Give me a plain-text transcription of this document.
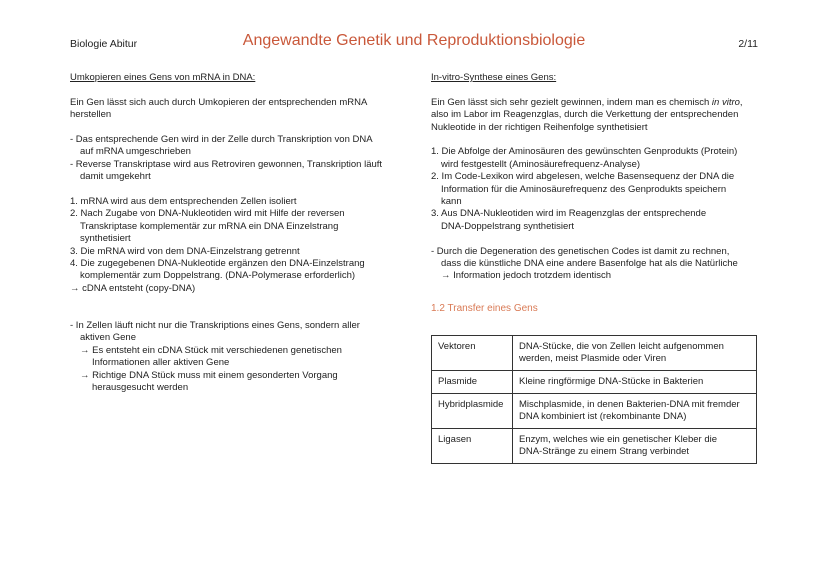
Biologie Abitur	Angewandte Genetik und Reproduktionsbiologie	2/11
Umkopieren eines Gens von mRNA in DNA:
Ein Gen lässt sich auch durch Umkopieren der entsprechenden mRNA
herstellen
- Das entsprechende Gen wird in der Zelle durch Transkription von DNA
auf mRNA umgeschrieben
- Reverse Transkriptase wird aus Retroviren gewonnen, Transkription läuft
damit umgekehrt
1. mRNA wird aus dem entsprechenden Zellen isoliert
2. Nach Zugabe von DNA-Nukleotiden wird mit Hilfe der reversen
Transkriptase komplementär zur mRNA ein DNA Einzelstrang
synthetisiert
3. Die mRNA wird von dem DNA-Einzelstrang getrennt
4. Die zugegebenen DNA-Nukleotide ergänzen den DNA-Einzelstrang
komplementär zum Doppelstrang. (DNA-Polymerase erforderlich)
→ cDNA entsteht (copy-DNA)
- In Zellen läuft nicht nur die Transkriptions eines Gens, sondern aller
aktiven Gene
→ Es entsteht ein cDNA Stück mit verschiedenen genetischen
Informationen aller aktiven Gene
→ Richtige DNA Stück muss mit einem gesonderten Vorgang
herausgesucht werden
In-vitro-Synthese eines Gens:
Ein Gen lässt sich sehr gezielt gewinnen, indem man es chemisch in vitro,
also im Labor im Reagenzglas, durch die Verkettung der entsprechenden
Nukleotide in der richtigen Reihenfolge synthetisiert
1. Die Abfolge der Aminosäuren des gewünschten Genprodukts (Protein)
wird festgestellt (Aminosäurefrequenz-Analyse)
2. Im Code-Lexikon wird abgelesen, welche Basensequenz der DNA die
Information für die Aminosäurefrequenz des Genprodukts speichern
kann
3. Aus DNA-Nukleotiden wird im Reagenzglas der entsprechende
DNA-Doppelstrang synthetisiert
- Durch die Degeneration des genetischen Codes ist damit zu rechnen,
dass die künstliche DNA eine andere Basenfolge hat als die Natürliche
→ Information jedoch trotzdem identisch
1.2 Transfer eines Gens
Vektoren	DNA-Stücke, die von Zellen leicht aufgenommen
werden, meist Plasmide oder Viren

Plasmide	Kleine ringförmige DNA-Stücke in Bakterien

Hybridplasmide	Mischplasmide, in denen Bakterien-DNA mit fremder
DNA kombiniert ist (rekombinante DNA)

Ligasen	Enzym, welches wie ein genetischer Kleber die
DNA-Stränge zu einem Strang verbindet
